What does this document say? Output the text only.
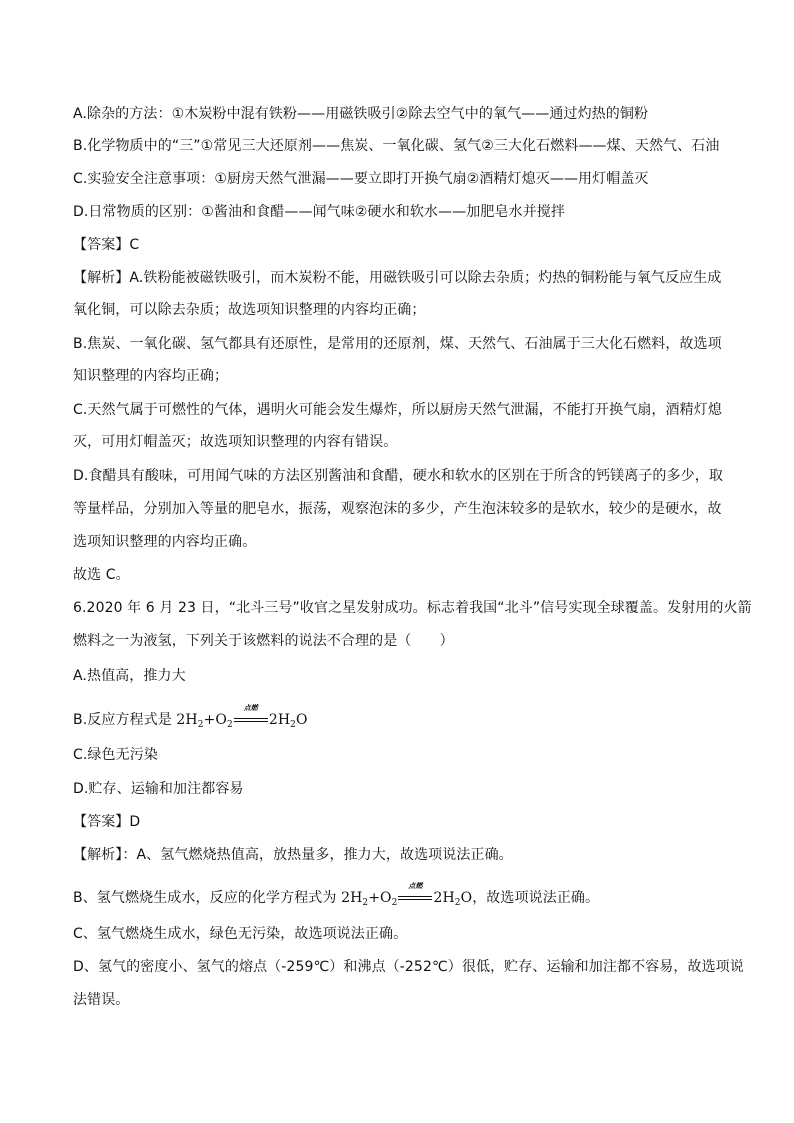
A.除杂的方法：①木炭粉中混有铁粉——用磁铁吸引②除去空气中的氧气——通过灼热的铜粉
B.化学物质中的“三”①常见三大还原剂——焦炭、一氧化碳、氢气②三大化石燃料——煤、天然气、石油
C.实验安全注意事项：①厨房天然气泄漏——要立即打开换气扇②酒精灯熄灭——用灯帽盖灭
D.日常物质的区别：①酱油和食醋——闻气味②硬水和软水——加肥皂水并搅拌
【答案】C
【解析】A.铁粉能被磁铁吸引，而木炭粉不能，用磁铁吸引可以除去杂质；灼热的铜粉能与氧气反应生成
氧化铜，可以除去杂质；故选项知识整理的内容均正确；
B.焦炭、一氧化碳、氢气都具有还原性，是常用的还原剂，煤、天然气、石油属于三大化石燃料，故选项
知识整理的内容均正确；
C.天然气属于可燃性的气体，遇明火可能会发生爆炸，所以厨房天然气泄漏，不能打开换气扇，酒精灯熄
灭，可用灯帽盖灭；故选项知识整理的内容有错误。
D.食醋具有酸味，可用闻气味的方法区别酱油和食醋，硬水和软水的区别在于所含的钙镁离子的多少，取
等量样品，分别加入等量的肥皂水，振荡，观察泡沫的多少，产生泡沫较多的是软水，较少的是硬水，故
选项知识整理的内容均正确。
故选 C。
6.2020 年 6 月 23 日，“北斗三号”收官之星发射成功。标志着我国“北斗”信号实现全球覆盖。发射用的火箭
燃料之一为液氢，下列关于该燃料的说法不合理的是（　　）
A.热值高，推力大
B.反应方程式是 $2H_2+O_2$
点燃
$2H_2O$
C.绿色无污染
D.贮存、运输和加注都容易
【答案】D
【解析】：A、氢气燃烧热值高，放热量多，推力大，故选项说法正确。
B、氢气燃烧生成水，反应的化学方程式为 $2H_2+O_2$
点燃
$2H_2O$，故选项说法正确。
C、氢气燃烧生成水，绿色无污染，故选项说法正确。
D、氢气的密度小、氢气的熔点（-259℃）和沸点（-252℃）很低，贮存、运输和加注都不容易，故选项说
法错误。
